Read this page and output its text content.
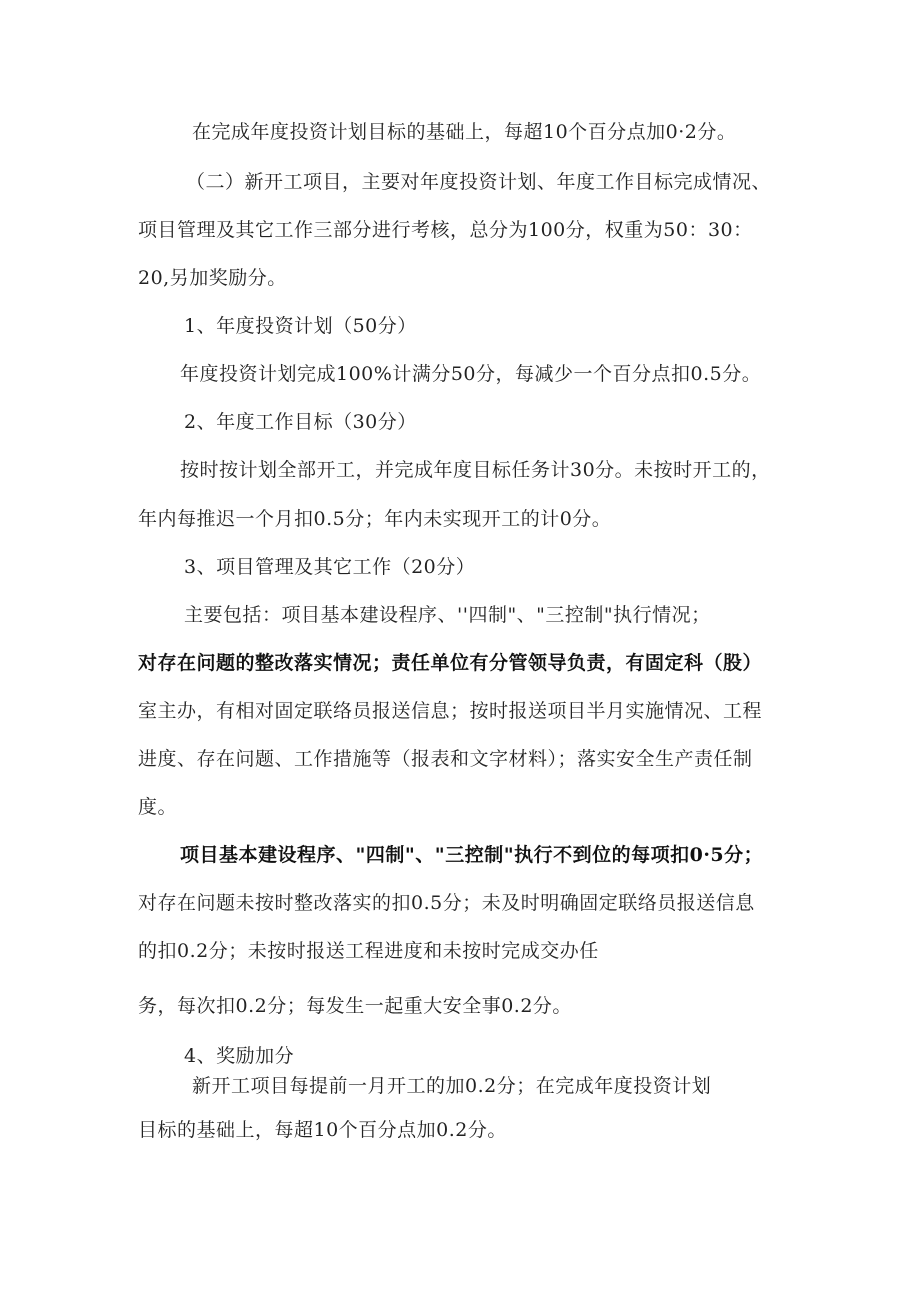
在完成年度投资计划目标的基础上，每超10个百分点加0·2分。
（二）新开工项目，主要对年度投资计划、年度工作目标完成情况、
项目管理及其它工作三部分进行考核，总分为100分，权重为50：30：
20,另加奖励分。
1、年度投资计划（50分）
年度投资计划完成100%计满分50分，每减少一个百分点扣0.5分。
2、年度工作目标（30分）
按时按计划全部开工，并完成年度目标任务计30分。未按时开工的，
年内每推迟一个月扣0.5分；年内未实现开工的计0分。
3、项目管理及其它工作（20分）
主要包括：项目基本建设程序、''四制"、"三控制"执行情况；
对存在问题的整改落实情况；责任单位有分管领导负责，有固定科（股）
室主办，有相对固定联络员报送信息；按时报送项目半月实施情况、工程
进度、存在问题、工作措施等（报表和文字材料）；落实安全生产责任制
度。
项目基本建设程序、"四制"、"三控制"执行不到位的每项扣0·5分；
对存在问题未按时整改落实的扣0.5分；未及时明确固定联络员报送信息
的扣0.2分；未按时报送工程进度和未按时完成交办任
务，每次扣0.2分；每发生一起重大安全事0.2分。
4、奖励加分
新开工项目每提前一月开工的加0.2分；在完成年度投资计划
目标的基础上，每超10个百分点加0.2分。
